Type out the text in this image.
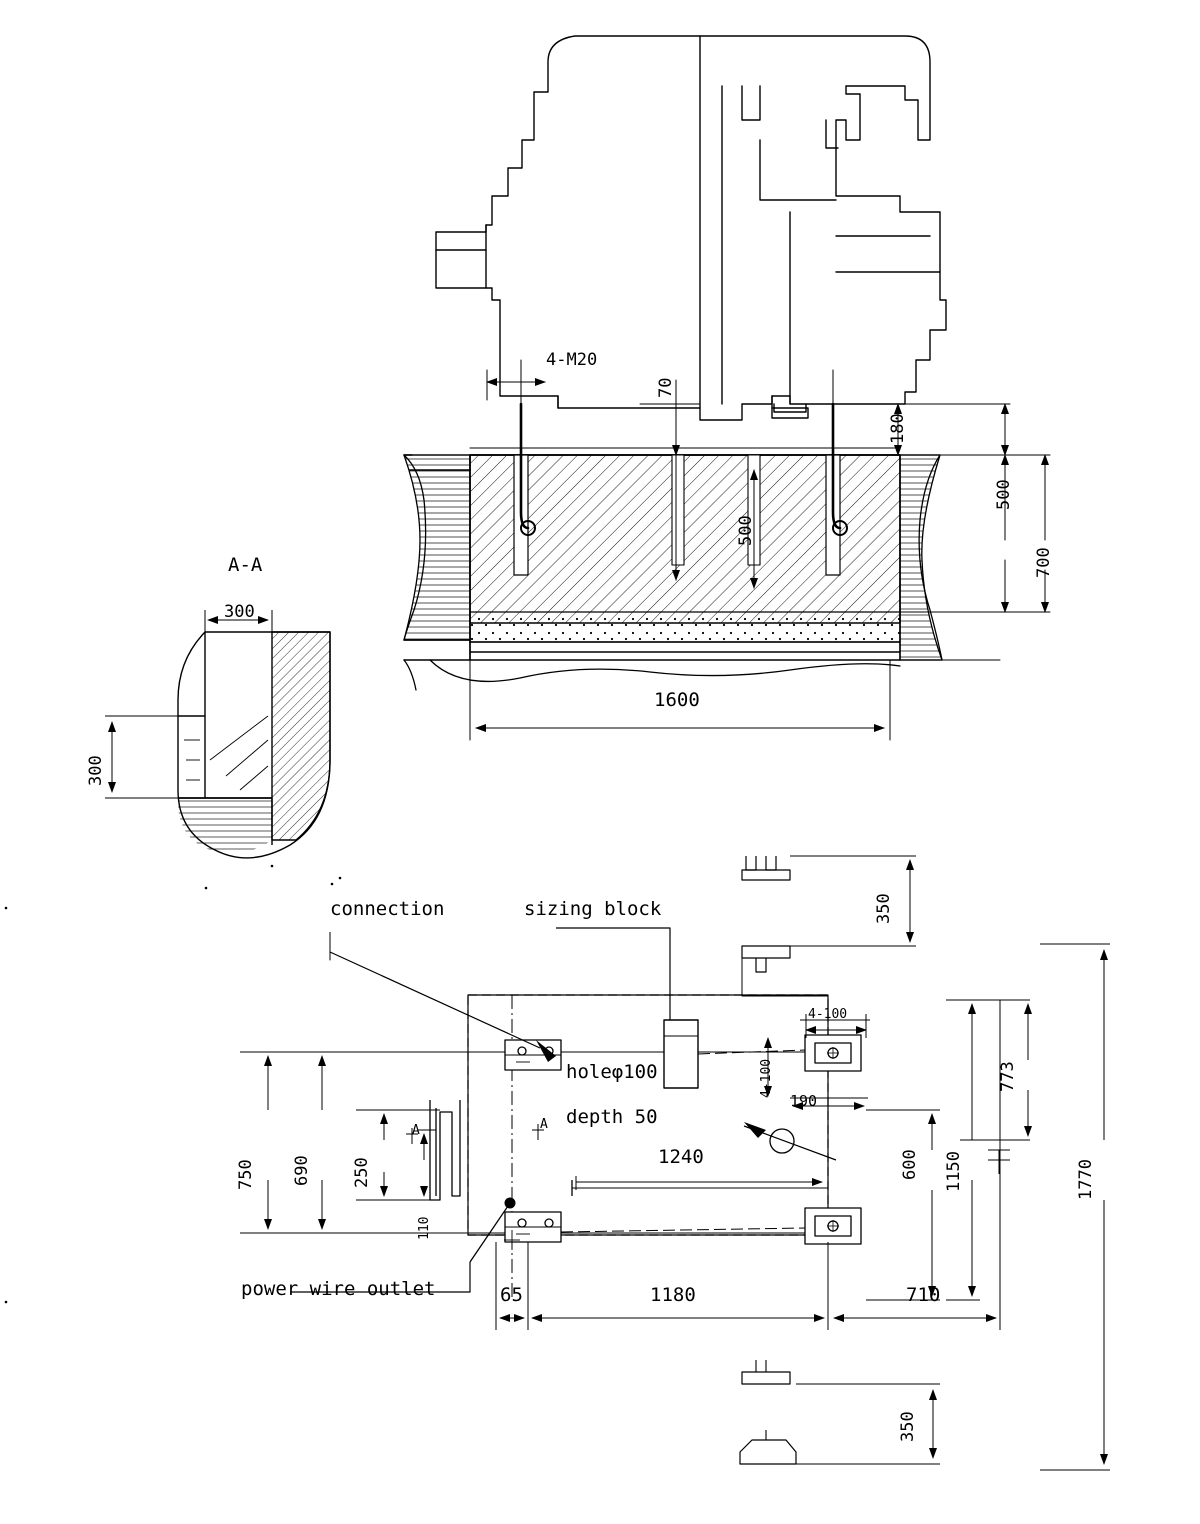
4-M20
70
500
180
500
700
1600
A-A
300
300
connection	sizing block
holeφ100
depth 50
power wire outlet
A	A
4-100
4-100
190
350
350
773
600 1150	1770
750 690 250
110
1240
65	1180	710
